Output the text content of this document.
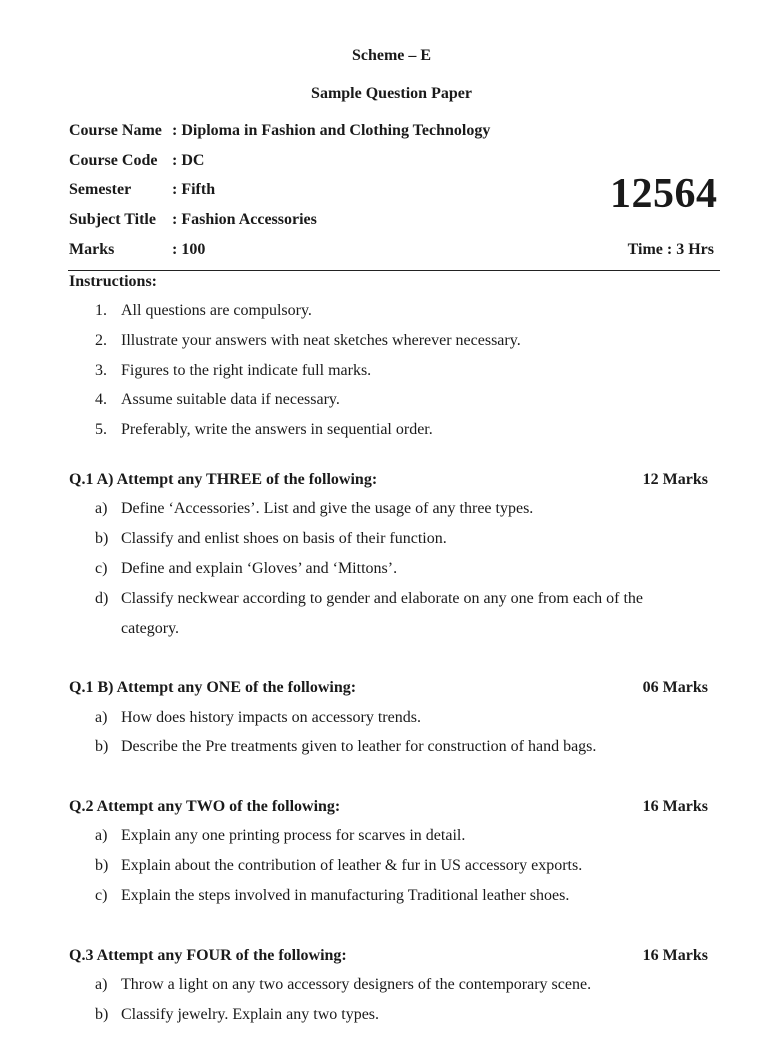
Scheme – E
Sample Question Paper
Course Name : Diploma in Fashion and Clothing Technology
Course Code : DC
Semester	: Fifth
Subject Title : Fashion Accessories
Marks	: 100
12564
Time : 3 Hrs
Instructions:
1. All questions are compulsory.
2. Illustrate your answers with neat sketches wherever necessary.
3. Figures to the right indicate full marks.
4. Assume suitable data if necessary.
5. Preferably, write the answers in sequential order.
Q.1 A) Attempt any THREE of the following:	12 Marks
a) Define ‘Accessories’. List and give the usage of any three types.
b) Classify and enlist shoes on basis of their function.
c) Define and explain ‘Gloves’ and ‘Mittons’.
d) Classify neckwear according to gender and elaborate on any one from each of the
category.
Q.1 B) Attempt any ONE of the following:	06 Marks
a) How does history impacts on accessory trends.
b) Describe the Pre treatments given to leather for construction of hand bags.
Q.2 Attempt any TWO of the following:	16 Marks
a) Explain any one printing process for scarves in detail.
b) Explain about the contribution of leather & fur in US accessory exports.
c) Explain the steps involved in manufacturing Traditional leather shoes.
Q.3 Attempt any FOUR of the following:	16 Marks
a) Throw a light on any two accessory designers of the contemporary scene.
b) Classify jewelry. Explain any two types.
